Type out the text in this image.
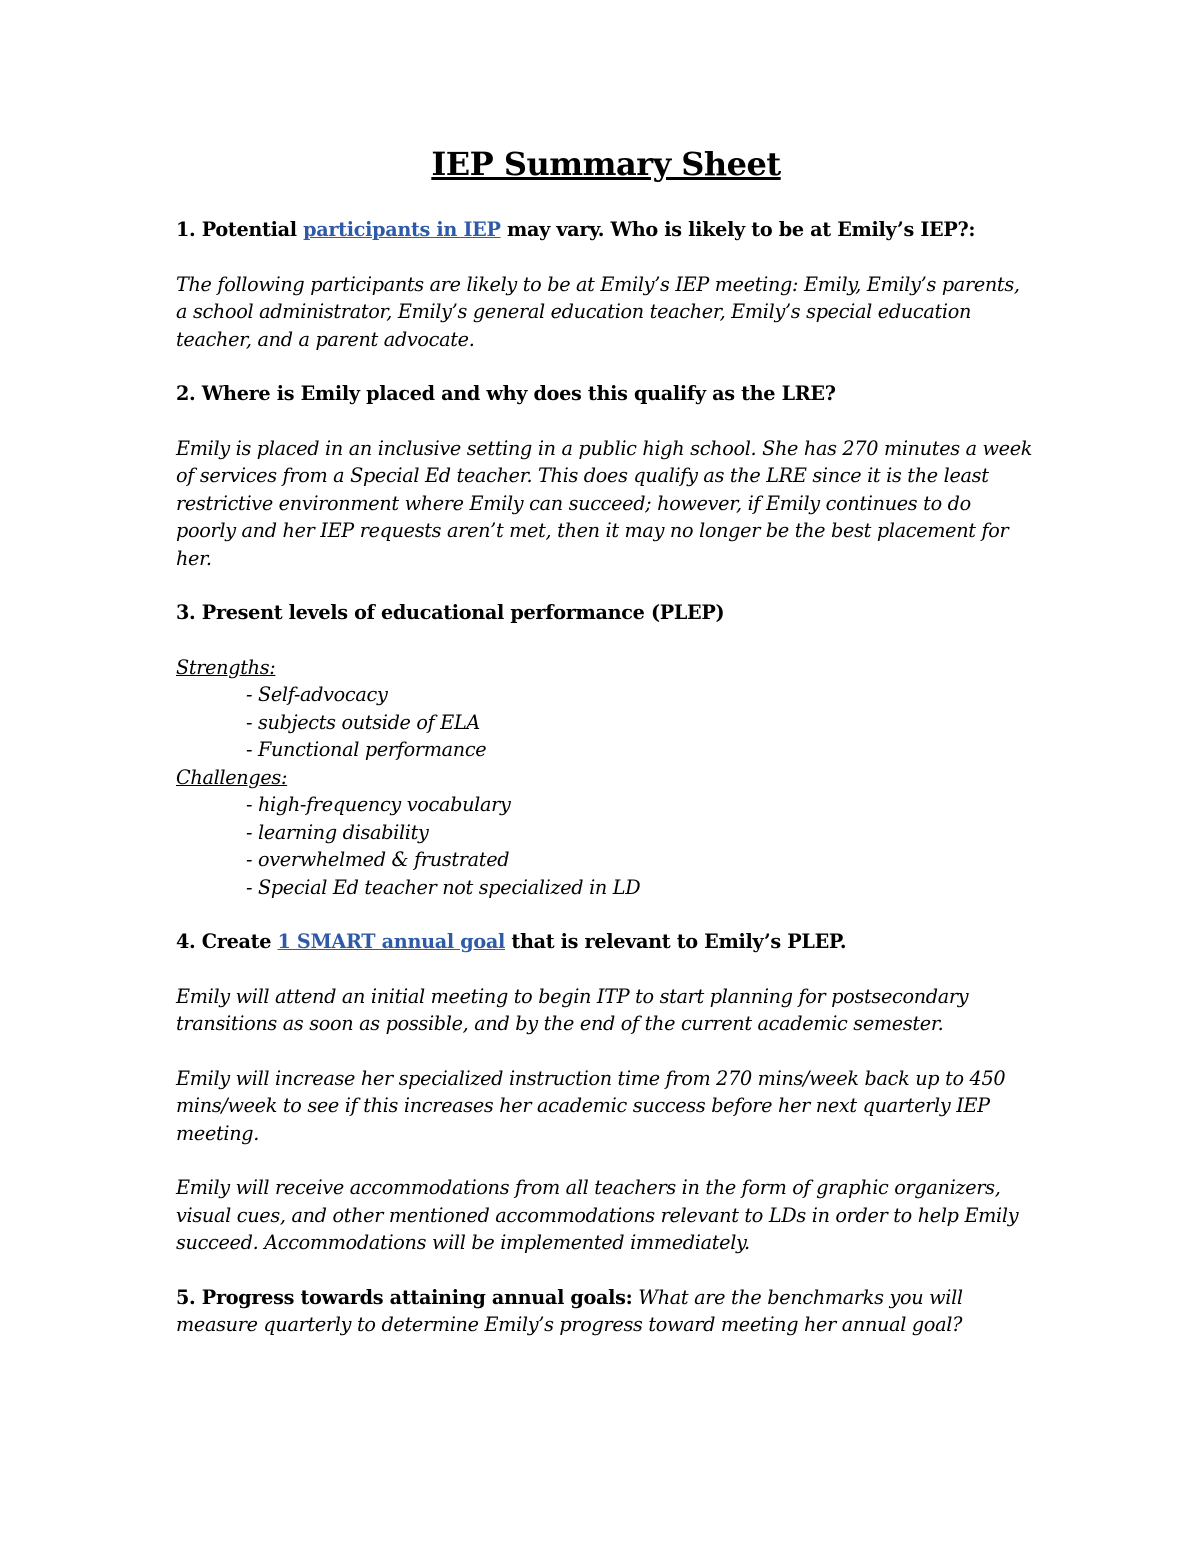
IEP Summary Sheet

1. Potential participants in IEP may vary. Who is likely to be at Emily’s IEP?:

The following participants are likely to be at Emily’s IEP meeting: Emily, Emily’s parents, a school administrator, Emily’s general education teacher, Emily’s special education teacher, and a parent advocate.

2. Where is Emily placed and why does this qualify as the LRE?

Emily is placed in an inclusive setting in a public high school. She has 270 minutes a week of services from a Special Ed teacher. This does qualify as the LRE since it is the least restrictive environment where Emily can succeed; however, if Emily continues to do poorly and her IEP requests aren’t met, then it may no longer be the best placement for her.

3. Present levels of educational performance (PLEP)

Strengths:

- Self-advocacy
- subjects outside of ELA
- Functional performance

Challenges:

- high-frequency vocabulary
- learning disability
- overwhelmed & frustrated
- Special Ed teacher not specialized in LD

4. Create 1 SMART annual goal that is relevant to Emily’s PLEP.

Emily will attend an initial meeting to begin ITP to start planning for postsecondary transitions as soon as possible, and by the end of the current academic semester.

Emily will increase her specialized instruction time from 270 mins/week back up to 450 mins/week to see if this increases her academic success before her next quarterly IEP meeting.

Emily will receive accommodations from all teachers in the form of graphic organizers, visual cues, and other mentioned accommodations relevant to LDs in order to help Emily succeed. Accommodations will be implemented immediately.

5. Progress towards attaining annual goals: What are the benchmarks you will measure quarterly to determine Emily’s progress toward meeting her annual goal?
